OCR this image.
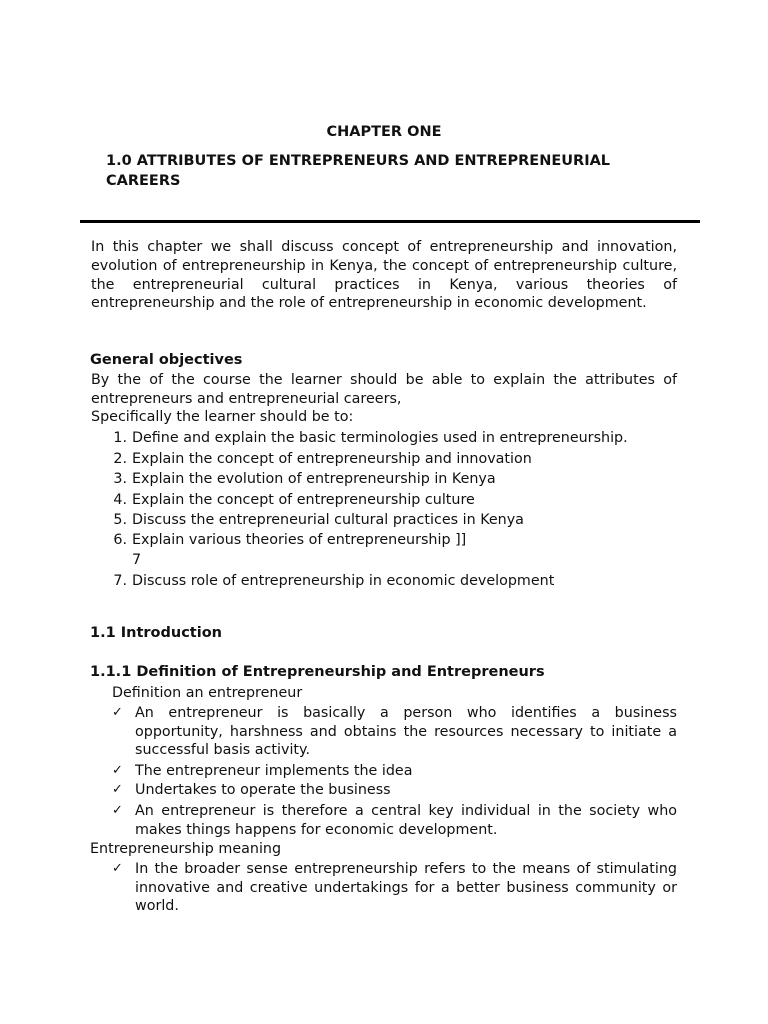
CHAPTER ONE
1.0 ATTRIBUTES OF ENTREPRENEURS AND ENTREPRENEURIAL CAREERS
In this chapter we shall discuss concept of entrepreneurship and innovation, evolution of entrepreneurship in Kenya, the concept of entrepreneurship culture, the entrepreneurial cultural practices in Kenya, various theories of entrepreneurship and the role of entrepreneurship in economic development.
General objectives
By the of the course the learner should be able to explain the attributes of entrepreneurs and entrepreneurial careers,
Specifically the learner should be to:
1. Define and explain the basic terminologies used in entrepreneurship.
2. Explain the concept of entrepreneurship and innovation
3. Explain the evolution of entrepreneurship in Kenya
4. Explain the concept of entrepreneurship culture
5. Discuss the entrepreneurial cultural practices in Kenya
6. Explain various theories of entrepreneurship ]]
7
7. Discuss role of entrepreneurship in economic development
1.1 Introduction
1.1.1 Definition of Entrepreneurship and Entrepreneurs
Definition an entrepreneur
✓ An entrepreneur is basically a person who identifies a business opportunity, harshness and obtains the resources necessary to initiate a successful basis activity.
✓ The entrepreneur implements the idea
✓ Undertakes to operate the business
✓ An entrepreneur is therefore a central key individual in the society who makes things happens for economic development.
Entrepreneurship meaning
✓ In the broader sense entrepreneurship refers to the means of stimulating innovative and creative undertakings for a better business community or world.
